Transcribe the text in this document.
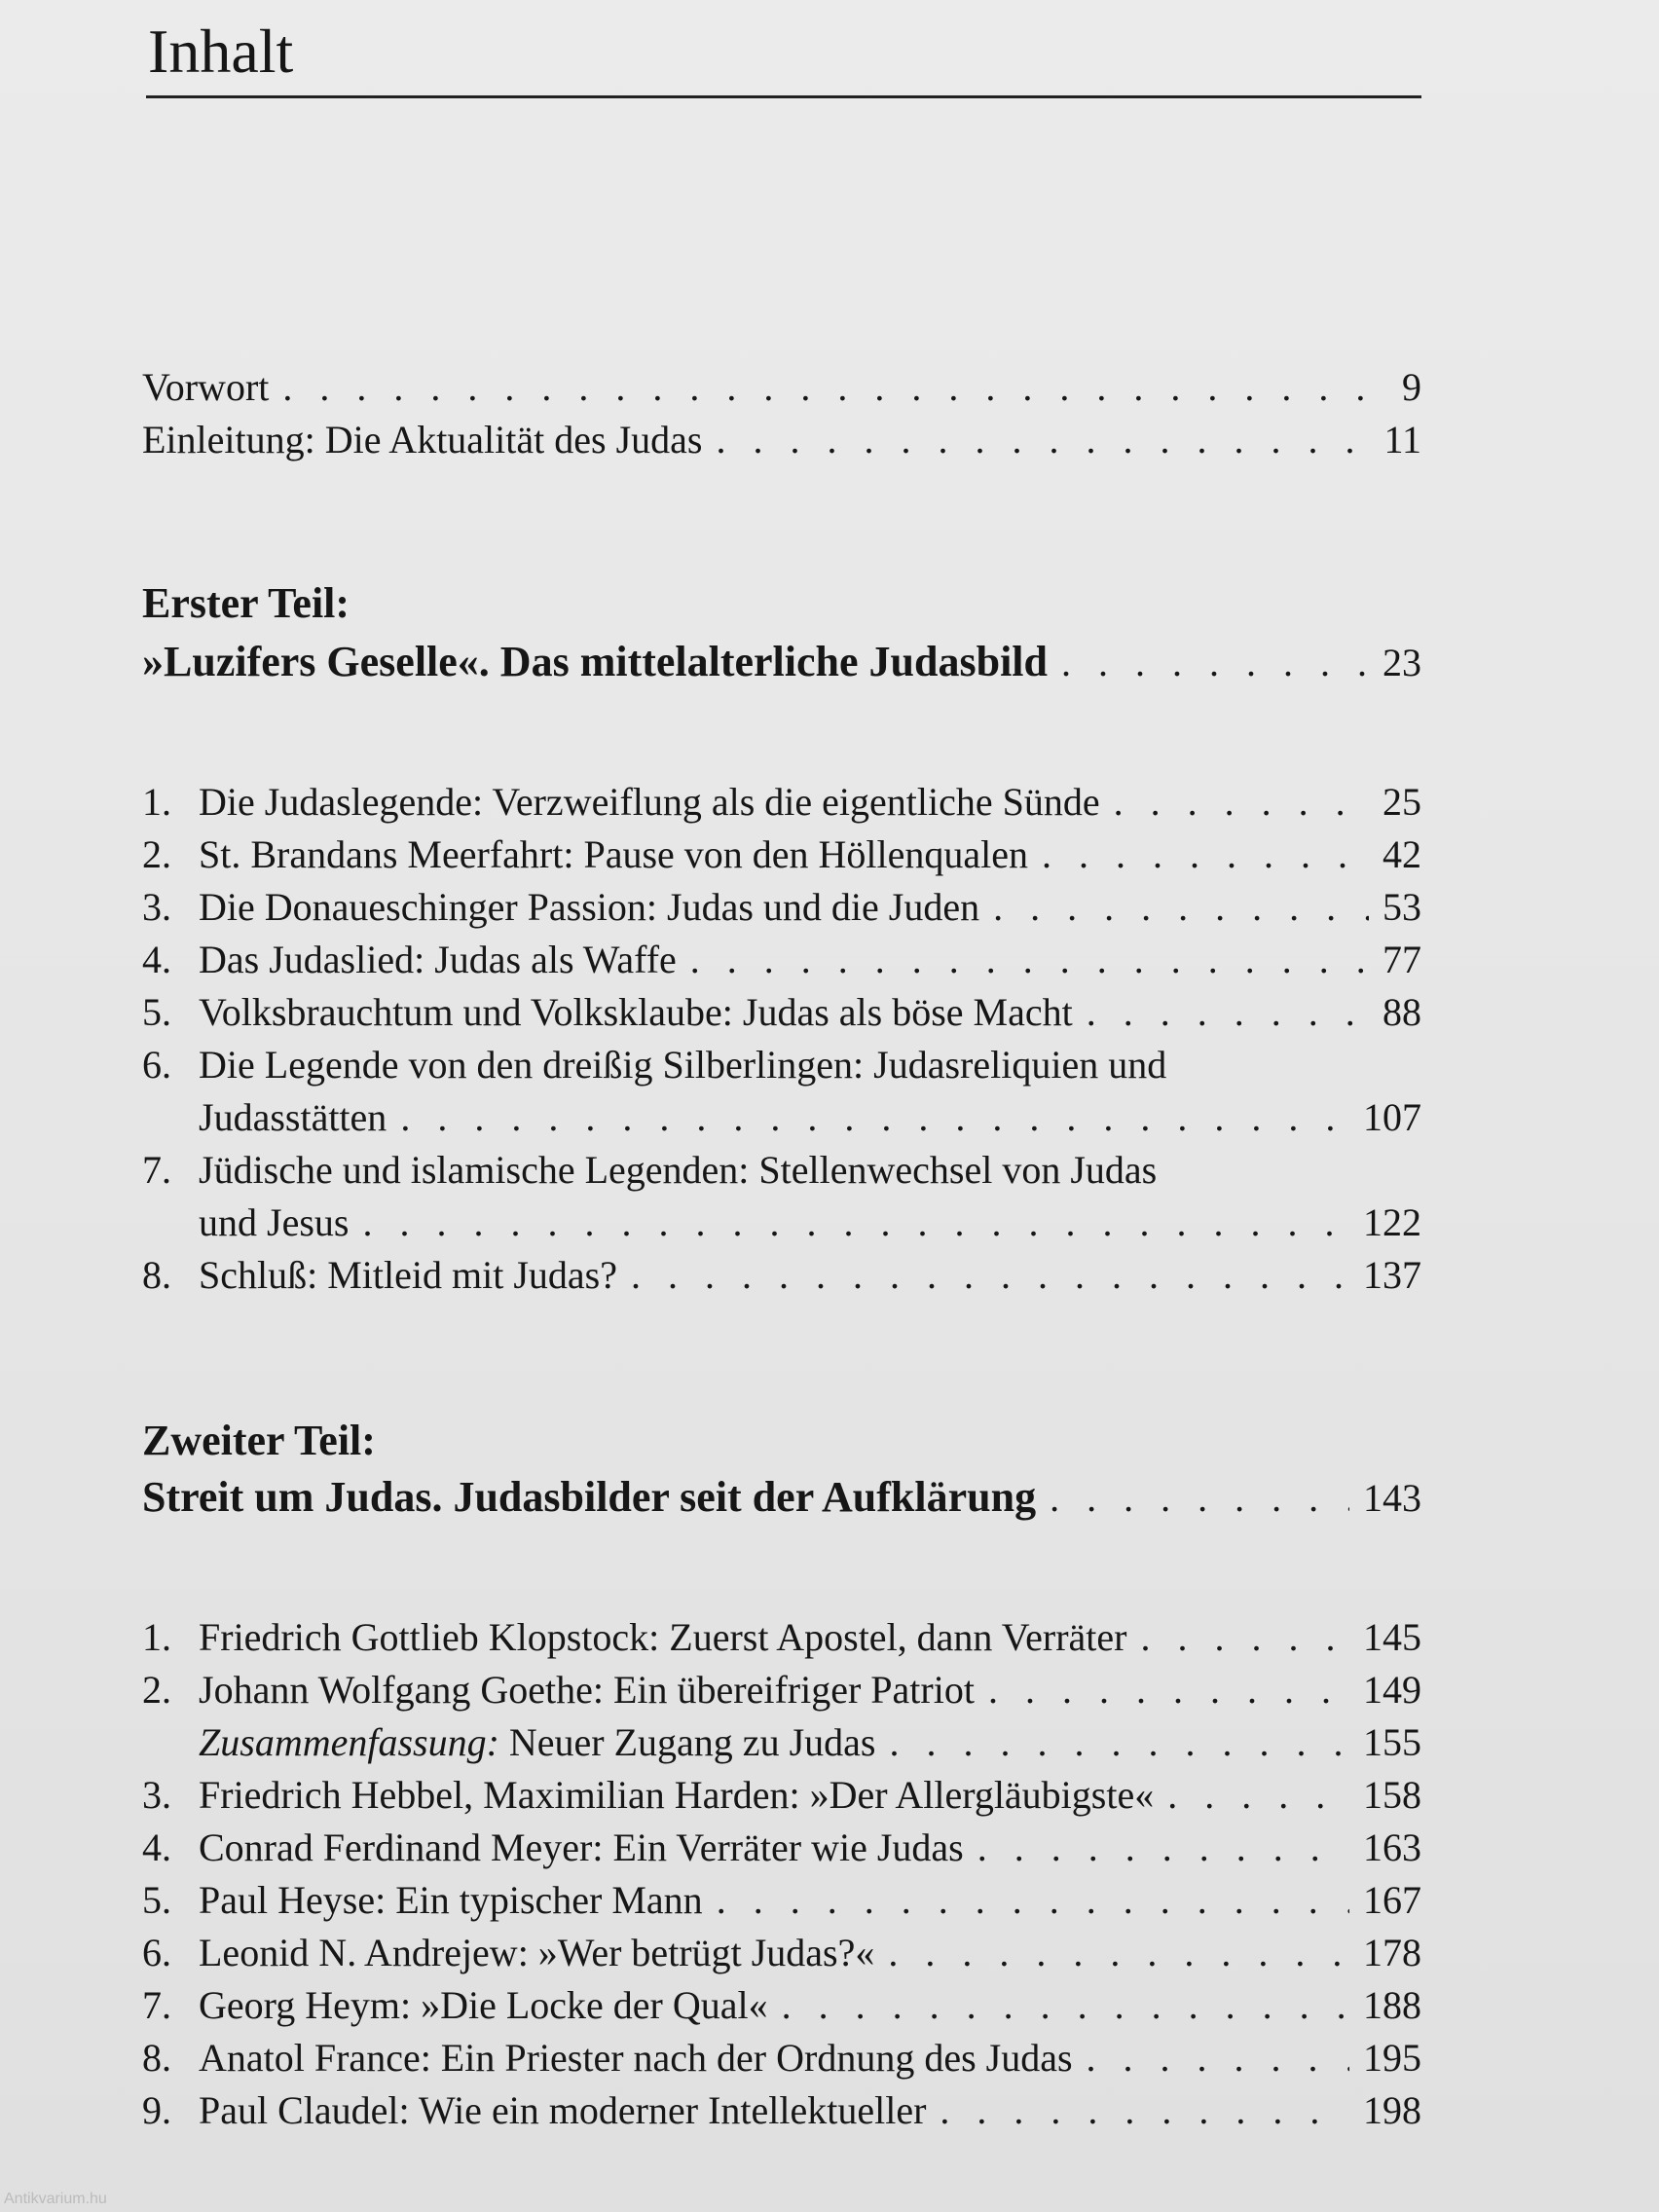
Inhalt
Vorwort . . .	9
Einleitung: Die Aktualität des Judas . . .	11
Erster Teil:
»Luzifers Geselle«. Das mittelalterliche Judasbild . . .	23
1. Die Judaslegende: Verzweiflung als die eigentliche Sünde . . .	25
2. St. Brandans Meerfahrt: Pause von den Höllenqualen . . .	42
3. Die Donaueschinger Passion: Judas und die Juden . . .	53
4. Das Judaslied: Judas als Waffe . . .	77
5. Volksbrauchtum und Volksklaube: Judas als böse Macht . . .	88
6. Die Legende von den dreißig Silberlingen: Judasreliquien und
Judasstätten . . .	107
7. Jüdische und islamische Legenden: Stellenwechsel von Judas
und Jesus . . .	122
8. Schluß: Mitleid mit Judas? . . .	137
Zweiter Teil:
Streit um Judas. Judasbilder seit der Aufklärung . . .	143
1. Friedrich Gottlieb Klopstock: Zuerst Apostel, dann Verräter . . .	145
2. Johann Wolfgang Goethe: Ein übereifriger Patriot . . .	149
Zusammenfassung: Neuer Zugang zu Judas . . .	155
3. Friedrich Hebbel, Maximilian Harden: »Der Allergläubigste« . . .	158
4. Conrad Ferdinand Meyer: Ein Verräter wie Judas . . .	163
5. Paul Heyse: Ein typischer Mann . . .	167
6. Leonid N. Andrejew: »Wer betrügt Judas?« . . .	178
7. Georg Heym: »Die Locke der Qual« . . .	188
8. Anatol France: Ein Priester nach der Ordnung des Judas . . .	195
9. Paul Claudel: Wie ein moderner Intellektueller . . .	198
Antikvarium.hu
